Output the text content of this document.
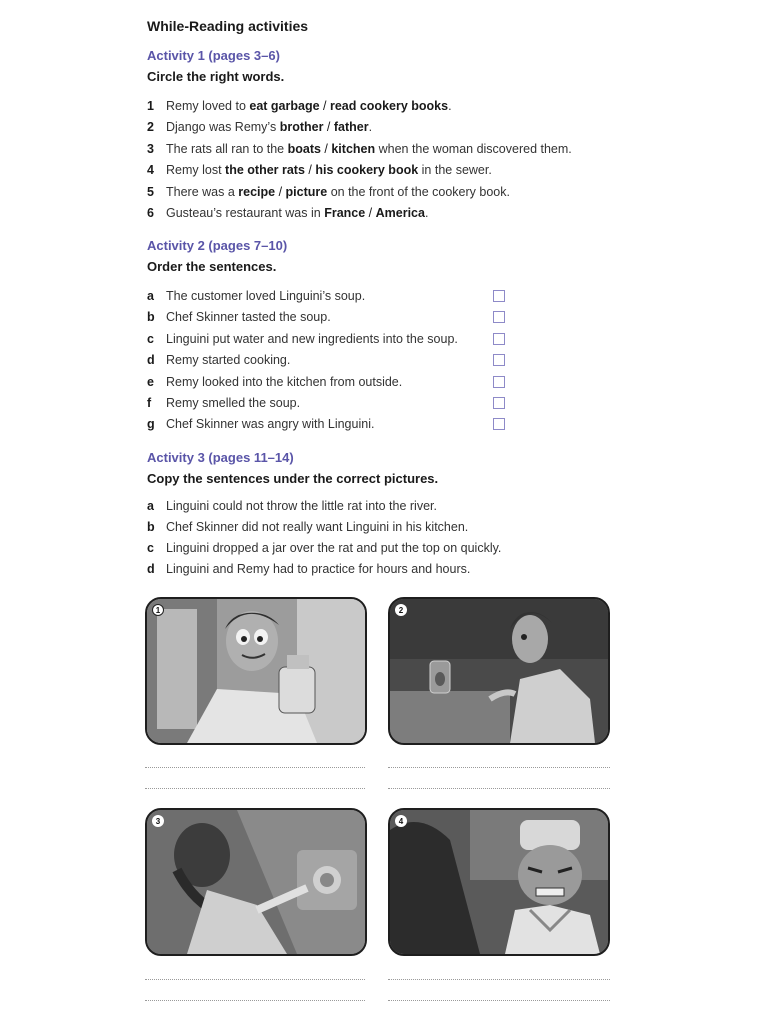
While-Reading activities
Activity 1 (pages 3–6)
Circle the right words.
1 Remy loved to eat garbage / read cookery books.
2 Django was Remy’s brother / father.
3 The rats all ran to the boats / kitchen when the woman discovered them.
4 Remy lost the other rats / his cookery book in the sewer.
5 There was a recipe / picture on the front of the cookery book.
6 Gusteau’s restaurant was in France / America.
Activity 2 (pages 7–10)
Order the sentences.
a The customer loved Linguini’s soup.
b Chef Skinner tasted the soup.
c Linguini put water and new ingredients into the soup.
d Remy started cooking.
e Remy looked into the kitchen from outside.
f Remy smelled the soup.
g Chef Skinner was angry with Linguini.
Activity 3 (pages 11–14)
Copy the sentences under the correct pictures.
a Linguini could not throw the little rat into the river.
b Chef Skinner did not really want Linguini in his kitchen.
c Linguini dropped a jar over the rat and put the top on quickly.
d Linguini and Remy had to practice for hours and hours.
1	2
3	4
